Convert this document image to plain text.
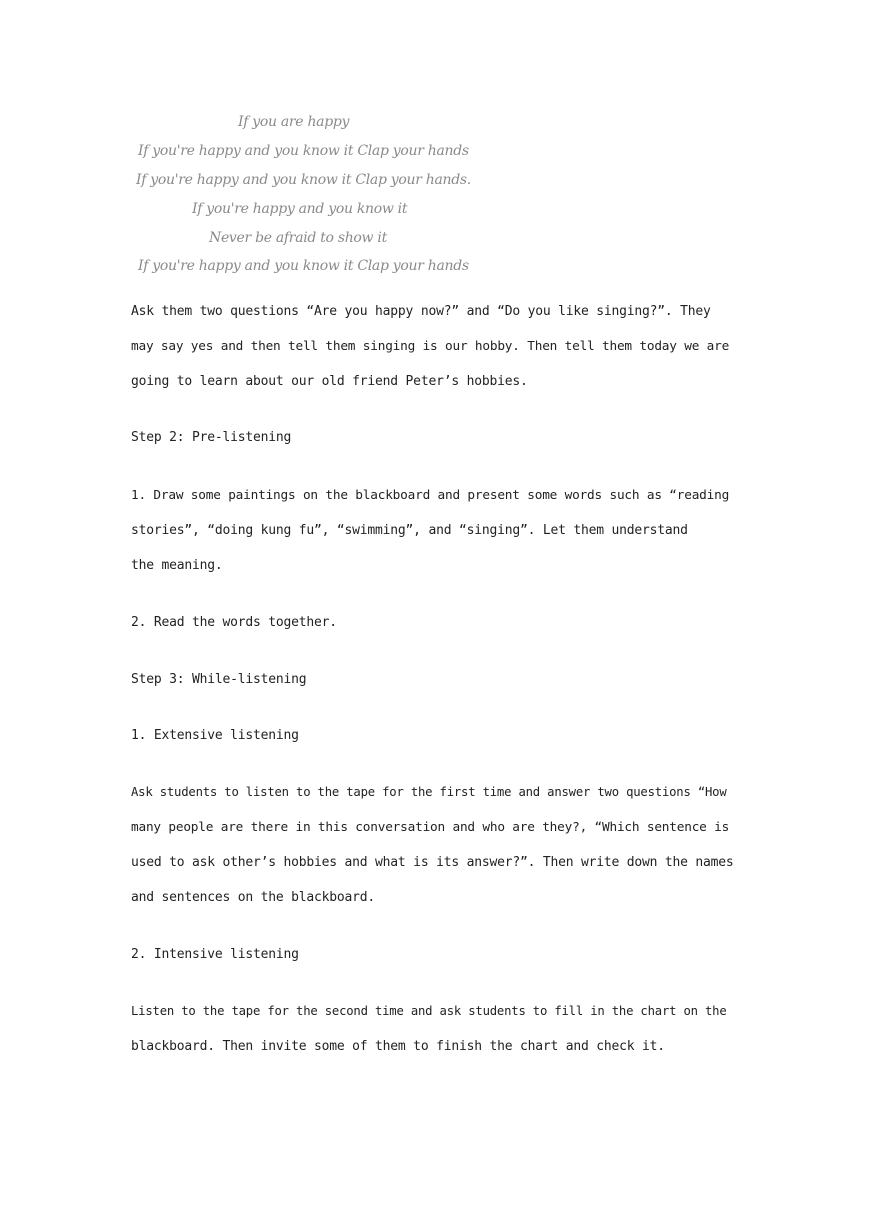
If you are happy
If you're happy and you know it Clap your hands
If you're happy and you know it Clap your hands.
If you're happy and you know it
Never be afraid to show it
If you're happy and you know it Clap your hands
Ask them two questions “Are you happy now?” and “Do you like singing?”. They
may say yes and then tell them singing is our hobby. Then tell them today we are
going to learn about our old friend Peter’s hobbies.
Step 2: Pre-listening
1. Draw some paintings on the blackboard and present some words such as “reading
stories”, “doing kung fu”, “swimming”, and “singing”. Let them understand
the meaning.
2. Read the words together.
Step 3: While-listening
1. Extensive listening
Ask students to listen to the tape for the first time and answer two questions “How
many people are there in this conversation and who are they?, “Which sentence is
used to ask other’s hobbies and what is its answer?”. Then write down the names
and sentences on the blackboard.
2. Intensive listening
Listen to the tape for the second time and ask students to fill in the chart on the
blackboard. Then invite some of them to finish the chart and check it.
